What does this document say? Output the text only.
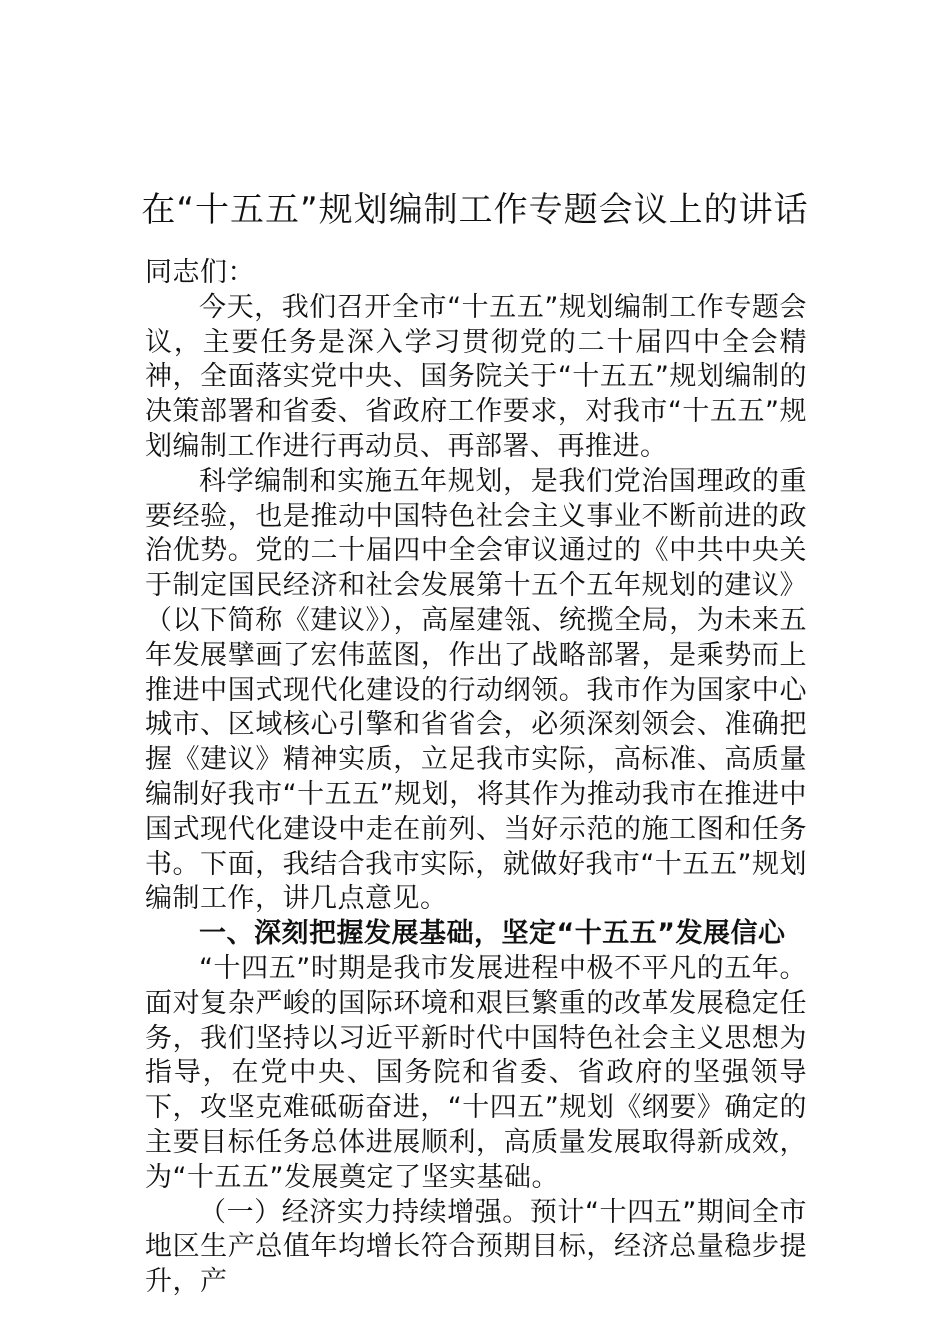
在“十五五”规划编制工作专题会议上的讲话

同志们：

今天，我们召开全市“十五五”规划编制工作专题会议，主要任务是深入学习贯彻党的二十届四中全会精神，全面落实党中央、国务院关于“十五五”规划编制的决策部署和省委、省政府工作要求，对我市“十五五”规划编制工作进行再动员、再部署、再推进。

科学编制和实施五年规划，是我们党治国理政的重要经验，也是推动中国特色社会主义事业不断前进的政治优势。党的二十届四中全会审议通过的《中共中央关于制定国民经济和社会发展第十五个五年规划的建议》（以下简称《建议》），高屋建瓴、统揽全局，为未来五年发展擘画了宏伟蓝图，作出了战略部署，是乘势而上推进中国式现代化建设的行动纲领。我市作为国家中心城市、区域核心引擎和省省会，必须深刻领会、准确把握《建议》精神实质，立足我市实际，高标准、高质量编制好我市“十五五”规划，将其作为推动我市在推进中国式现代化建设中走在前列、当好示范的施工图和任务书。下面，我结合我市实际，就做好我市“十五五”规划编制工作，讲几点意见。

一、深刻把握发展基础，坚定“十五五”发展信心

“十四五”时期是我市发展进程中极不平凡的五年。面对复杂严峻的国际环境和艰巨繁重的改革发展稳定任务，我们坚持以习近平新时代中国特色社会主义思想为指导，在党中央、国务院和省委、省政府的坚强领导下，攻坚克难砥砺奋进，“十四五”规划《纲要》确定的主要目标任务总体进展顺利，高质量发展取得新成效，为“十五五”发展奠定了坚实基础。

（一）经济实力持续增强。预计“十四五”期间全市地区生产总值年均增长符合预期目标，经济总量稳步提升，产
